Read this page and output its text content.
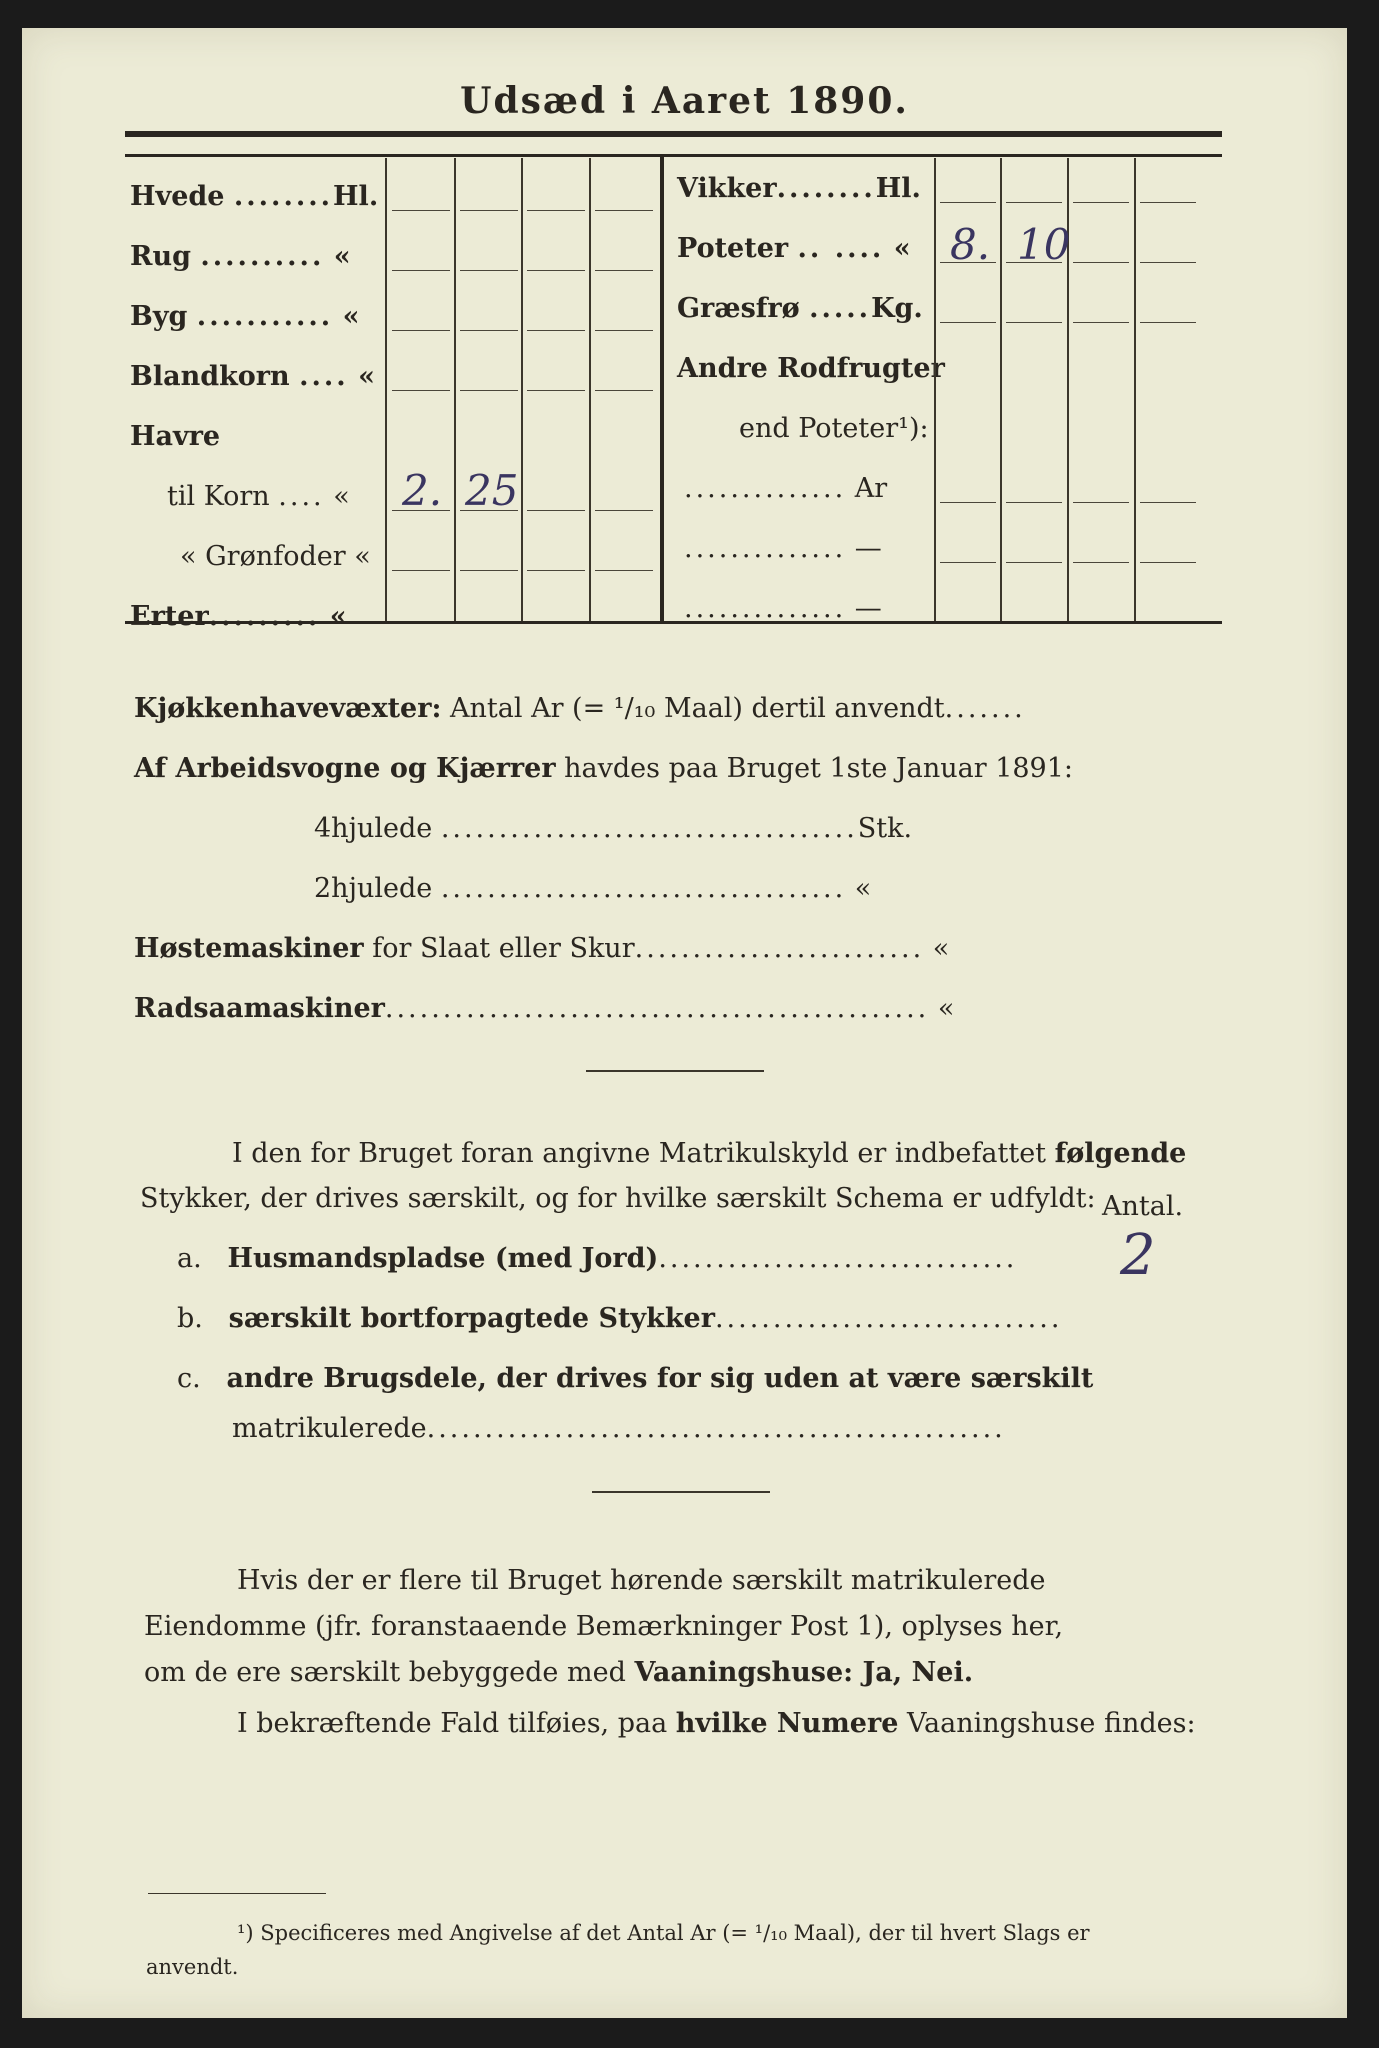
Udsæd i Aaret 1890.
Hvede ........Hl.
Rug .......... «
Byg ........... «
Blandkorn .... «
Havre
til Korn .... «
« Grønfoder «
Erter......... «
2. 25
Vikker........Hl.
Poteter .. .... «
Græsfrø .....Kg.
Andre Rodfrugter
end Poteter¹):
.............. Ar
.............. —
.............. —
8. 10
Kjøkkenhavevæxter: Antal Ar (= ¹/₁₀ Maal) dertil anvendt.......
Af Arbeidsvogne og Kjærrer havdes paa Bruget 1ste Januar 1891:
4hjulede ....................................Stk.
2hjulede ................................... «
Høstemaskiner for Slaat eller Skur......................... «
Radsaamaskiner............................................... «
I den for Bruget foran angivne Matrikulskyld er indbefattet følgende
Stykker, der drives særskilt, og for hvilke særskilt Schema er udfyldt: Antal.
a. Husmandspladse (med Jord)............................... 2
b. særskilt bortforpagtede Stykker..............................
c. andre Brugsdele, der drives for sig uden at være særskilt
matrikulerede..................................................
Hvis der er flere til Bruget hørende særskilt matrikulerede
Eiendomme (jfr. foranstaaende Bemærkninger Post 1), oplyses her,
om de ere særskilt bebyggede med Vaaningshuse: Ja, Nei.
I bekræftende Fald tilføies, paa hvilke Numere Vaaningshuse findes:
¹) Specificeres med Angivelse af det Antal Ar (= ¹/₁₀ Maal), der til hvert Slags er
anvendt.
